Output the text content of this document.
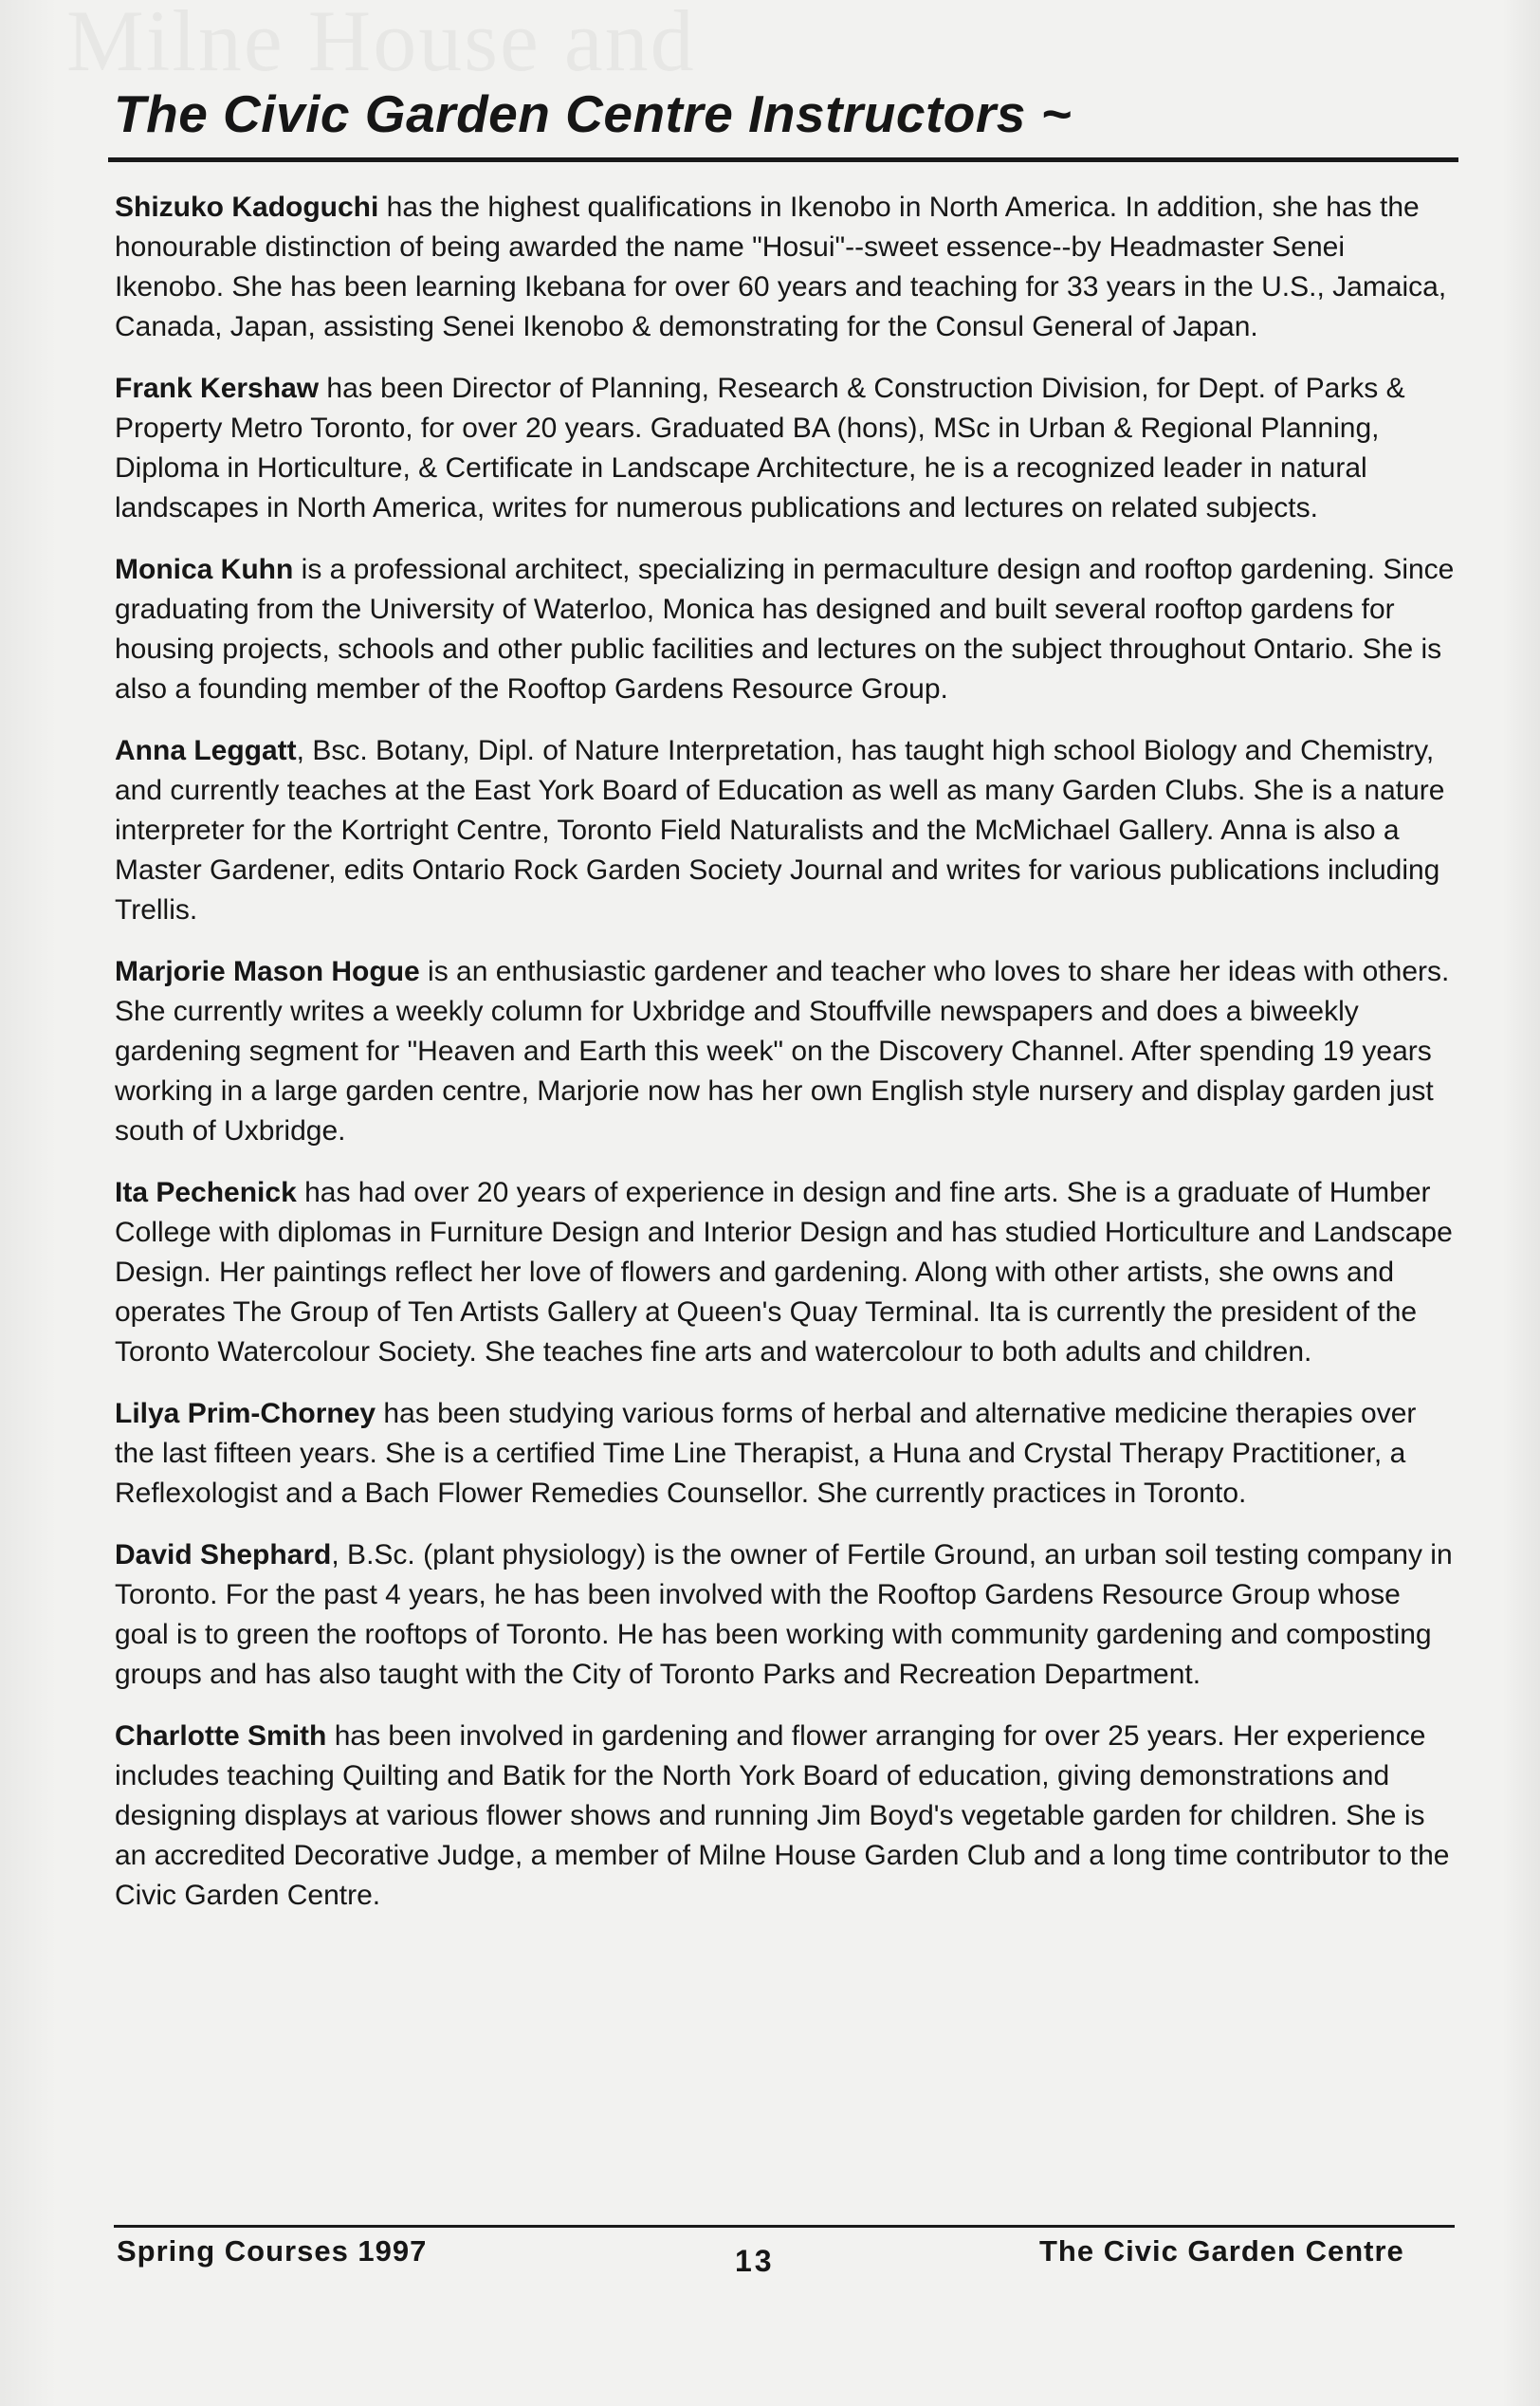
The Civic Garden Centre Instructors ~

Shizuko Kadoguchi has the highest qualifications in Ikenobo in North America. In addition, she has the honourable distinction of being awarded the name "Hosui"--sweet essence--by Headmaster Senei Ikenobo. She has been learning Ikebana for over 60 years and teaching for 33 years in the U.S., Jamaica, Canada, Japan, assisting Senei Ikenobo & demonstrating for the Consul General of Japan.

Frank Kershaw has been Director of Planning, Research & Construction Division, for Dept. of Parks & Property Metro Toronto, for over 20 years. Graduated BA (hons), MSc in Urban & Regional Planning, Diploma in Horticulture, & Certificate in Landscape Architecture, he is a recognized leader in natural landscapes in North America, writes for numerous publications and lectures on related subjects.

Monica Kuhn is a professional architect, specializing in permaculture design and rooftop gardening. Since graduating from the University of Waterloo, Monica has designed and built several rooftop gardens for housing projects, schools and other public facilities and lectures on the subject throughout Ontario. She is also a founding member of the Rooftop Gardens Resource Group.

Anna Leggatt, Bsc. Botany, Dipl. of Nature Interpretation, has taught high school Biology and Chemistry, and currently teaches at the East York Board of Education as well as many Garden Clubs. She is a nature interpreter for the Kortright Centre, Toronto Field Naturalists and the McMichael Gallery. Anna is also a Master Gardener, edits Ontario Rock Garden Society Journal and writes for various publications including Trellis.

Marjorie Mason Hogue is an enthusiastic gardener and teacher who loves to share her ideas with others. She currently writes a weekly column for Uxbridge and Stouffville newspapers and does a biweekly gardening segment for "Heaven and Earth this week" on the Discovery Channel. After spending 19 years working in a large garden centre, Marjorie now has her own English style nursery and display garden just south of Uxbridge.

Ita Pechenick has had over 20 years of experience in design and fine arts. She is a graduate of Humber College with diplomas in Furniture Design and Interior Design and has studied Horticulture and Landscape Design. Her paintings reflect her love of flowers and gardening. Along with other artists, she owns and operates The Group of Ten Artists Gallery at Queen's Quay Terminal. Ita is currently the president of the Toronto Watercolour Society. She teaches fine arts and watercolour to both adults and children.

Lilya Prim-Chorney has been studying various forms of herbal and alternative medicine therapies over the last fifteen years. She is a certified Time Line Therapist, a Huna and Crystal Therapy Practitioner, a Reflexologist and a Bach Flower Remedies Counsellor. She currently practices in Toronto.

David Shephard, B.Sc. (plant physiology) is the owner of Fertile Ground, an urban soil testing company in Toronto. For the past 4 years, he has been involved with the Rooftop Gardens Resource Group whose goal is to green the rooftops of Toronto. He has been working with community gardening and composting groups and has also taught with the City of Toronto Parks and Recreation Department.

Charlotte Smith has been involved in gardening and flower arranging for over 25 years. Her experience includes teaching Quilting and Batik for the North York Board of education, giving demonstrations and designing displays at various flower shows and running Jim Boyd's vegetable garden for children. She is an accredited Decorative Judge, a member of Milne House Garden Club and a long time contributor to the Civic Garden Centre.

Spring Courses 1997	13	The Civic Garden Centre
